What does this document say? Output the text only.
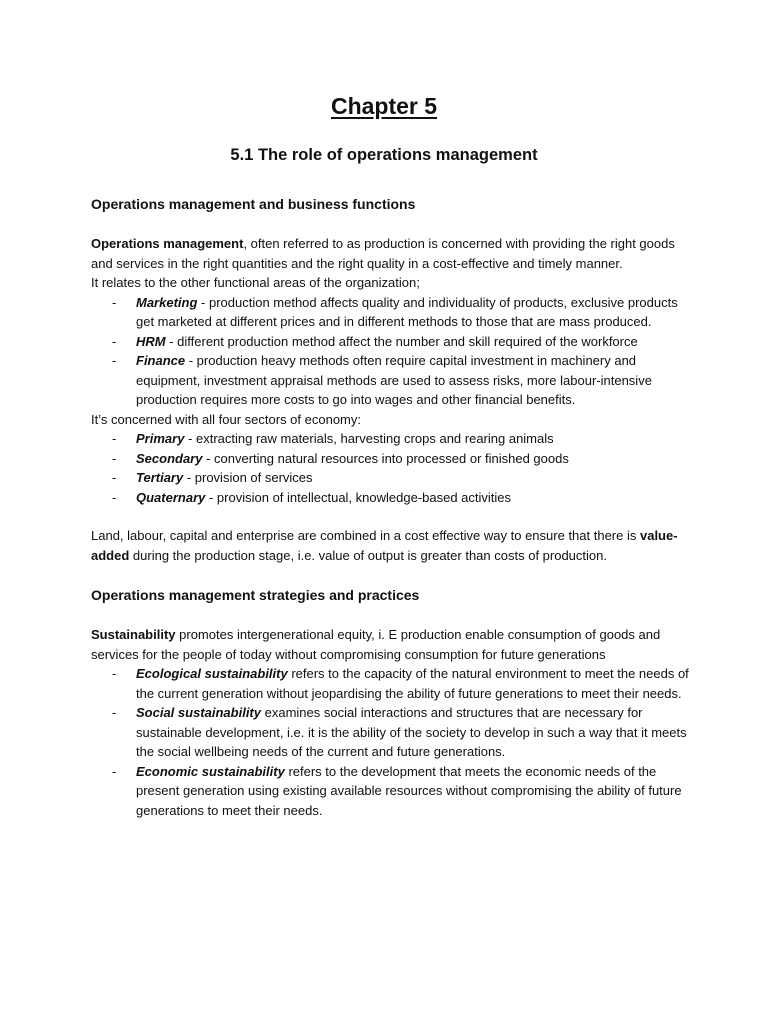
Chapter 5
5.1 The role of operations management

Operations management and business functions

Operations management, often referred to as production is concerned with providing the right goods and services in the right quantities and the right quality in a cost-effective and timely manner.

It relates to the other functional areas of the organization;

- Marketing - production method affects quality and individuality of products, exclusive products get marketed at different prices and in different methods to those that are mass produced.
- HRM - different production method affect the number and skill required of the workforce
- Finance - production heavy methods often require capital investment in machinery and equipment, investment appraisal methods are used to assess risks, more labour-intensive production requires more costs to go into wages and other financial benefits.

It’s concerned with all four sectors of economy:

- Primary - extracting raw materials, harvesting crops and rearing animals
- Secondary - converting natural resources into processed or finished goods
- Tertiary - provision of services
- Quaternary - provision of intellectual, knowledge-based activities

Land, labour, capital and enterprise are combined in a cost effective way to ensure that there is value-added during the production stage, i.e. value of output is greater than costs of production.

Operations management strategies and practices

Sustainability promotes intergenerational equity, i. E production enable consumption of goods and services for the people of today without compromising consumption for future generations

- Ecological sustainability refers to the capacity of the natural environment to meet the needs of the current generation without jeopardising the ability of future generations to meet their needs.
- Social sustainability examines social interactions and structures that are necessary for sustainable development, i.e. it is the ability of the society to develop in such a way that it meets the social wellbeing needs of the current and future generations.
- Economic sustainability refers to the development that meets the economic needs of the present generation using existing available resources without compromising the ability of future generations to meet their needs.
